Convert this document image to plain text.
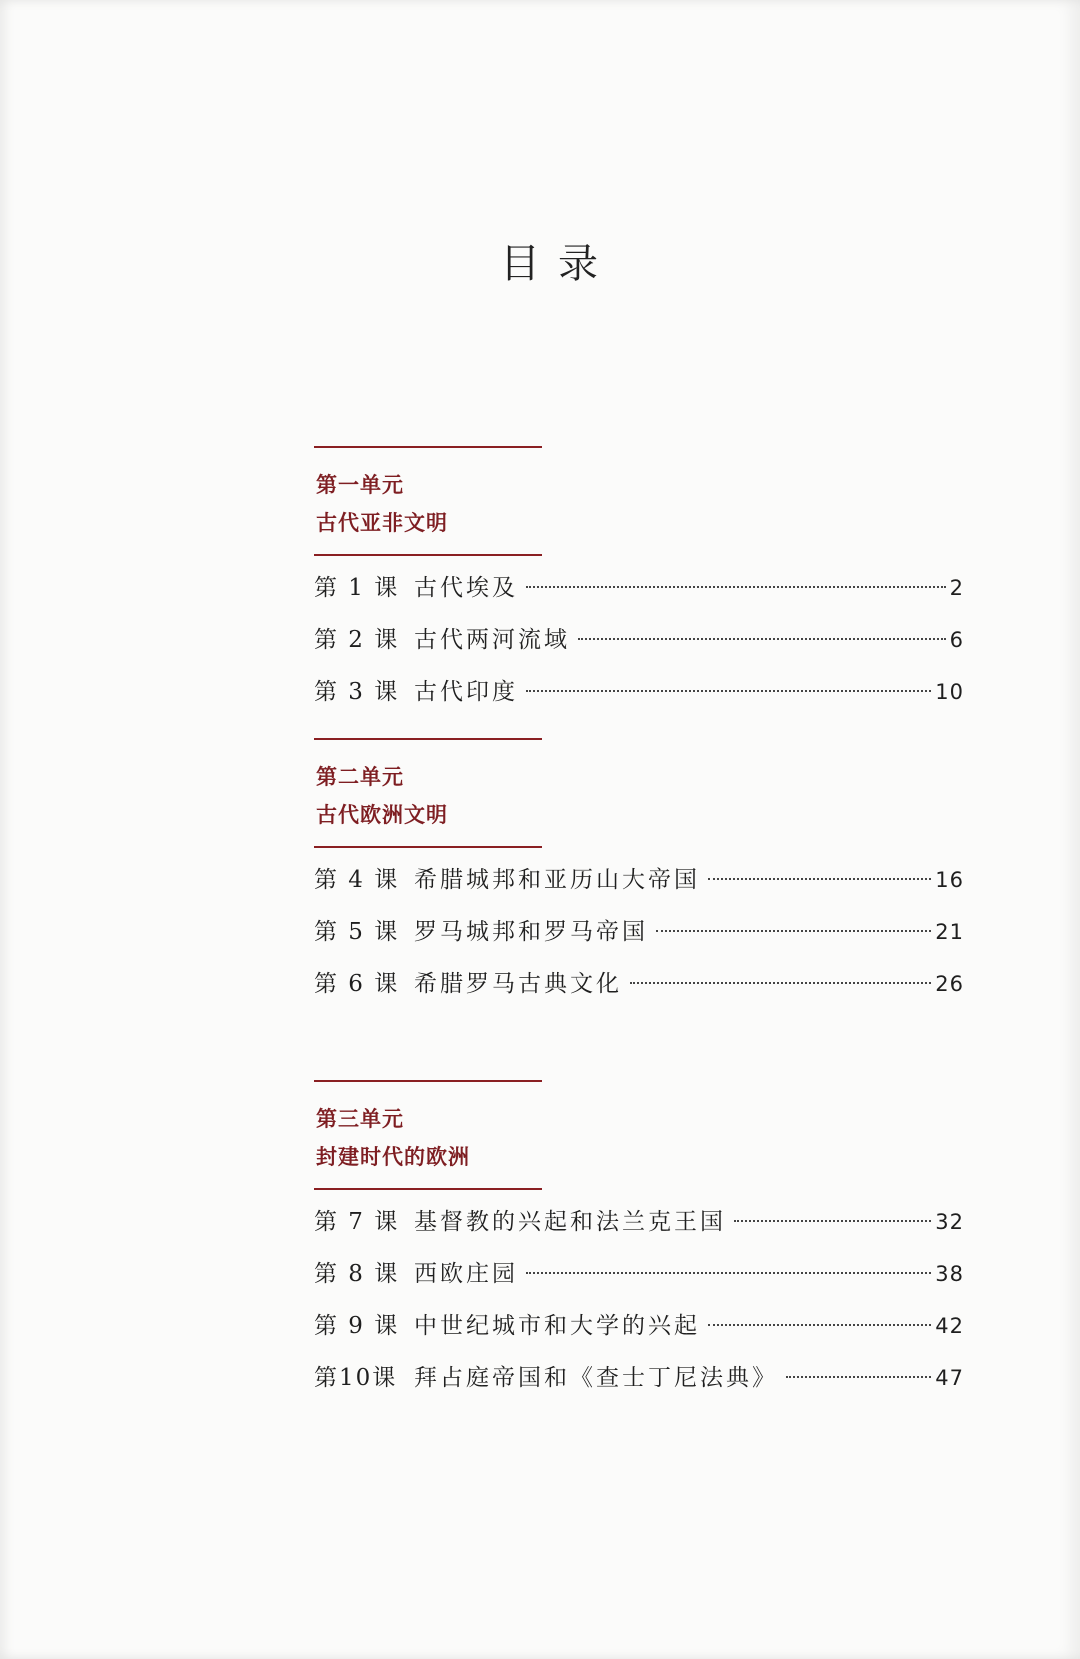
目录
第一单元
古代亚非文明
第 1 课 古代埃及	2
第 2 课 古代两河流域	6
第 3 课 古代印度	10
第二单元
古代欧洲文明
第 4 课 希腊城邦和亚历山大帝国	16
第 5 课 罗马城邦和罗马帝国	21
第 6 课 希腊罗马古典文化	26
第三单元
封建时代的欧洲
第 7 课 基督教的兴起和法兰克王国	32
第 8 课 西欧庄园	38
第 9 课 中世纪城市和大学的兴起	42
第10课 拜占庭帝国和《查士丁尼法典》	47
